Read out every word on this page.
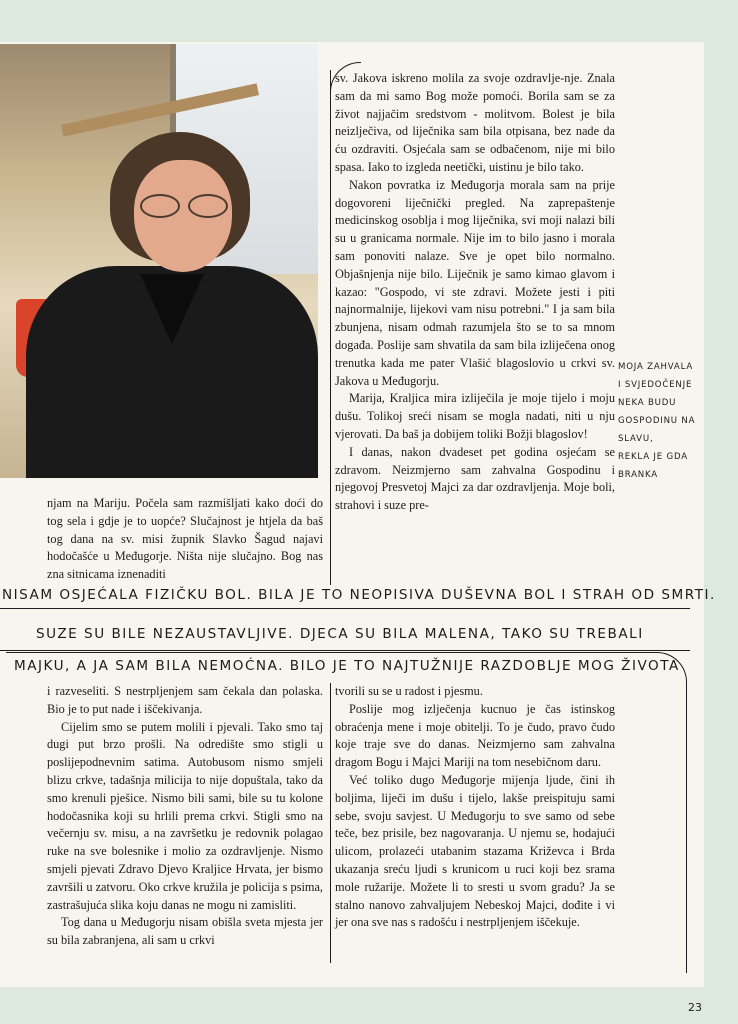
sv. Jakova iskreno molila za svoje ozdravlje-nje. Znala sam da mi samo Bog može pomoći. Borila sam se za život najjačim sredstvom - molitvom. Bolest je bila neizlječiva, od liječnika sam bila otpisana, bez nade da ću ozdraviti. Osjećala sam se odbačenom, nije mi bilo spasa. Iako to izgleda neetički, uistinu je bilo tako.

Nakon povratka iz Međugorja morala sam na prije dogovoreni liječnički pregled. Na zaprepaštenje medicinskog osoblja i mog liječnika, svi moji nalazi bili su u granicama normale. Nije im to bilo jasno i morala sam ponoviti nalaze. Sve je opet bilo normalno. Objašnjenja nije bilo. Liječnik je samo kimao glavom i kazao: "Gospodo, vi ste zdravi. Možete jesti i piti najnormalnije, lijekovi vam nisu potrebni." I ja sam bila zbunjena, nisam odmah razumjela što se to sa mnom događa. Poslije sam shvatila da sam bila izliječena onog trenutka kada me pater Vlašić blagoslovio u crkvi sv. Jakova u Međugorju.

Marija, Kraljica mira izliječila je moje tijelo i moju dušu. Tolikoj sreći nisam se mogla nadati, niti u nju vjerovati. Da baš ja dobijem toliki Božji blagoslov!

I danas, nakon dvadeset pet godina osjećam se zdravom. Neizmjerno sam zahvalna Gospodinu i njegovoj Presvetoj Majci za dar ozdravljenja. Moje boli, strahovi i suze pre-

njam na Mariju. Počela sam razmišljati kako doći do tog sela i gdje je to uopće? Slučajnost je htjela da baš tog dana na sv. misi župnik Slavko Šagud najavi hodočašće u Međugorje. Ništa nije slučajno. Bog nas zna sitnicama iznenaditi

MOJA ZAHVALA
I SVJEDOČENJE
NEKA BUDU
GOSPODINU NA
SLAVU,
REKLA JE GDA
BRANKA
NISAM OSJEĆALA FIZIČKU BOL. BILA JE TO NEOPISIVA DUŠEVNA BOL I STRAH OD SMRTI.
SUZE SU BILE NEZAUSTAVLJIVE. DJECA SU BILA MALENA, TAKO SU TREBALI
MAJKU, A JA SAM BILA NEMOĆNA. BILO JE TO NAJTUŽNIJE RAZDOBLJE MOG ŽIVOTA

i razveseliti. S nestrpljenjem sam čekala dan polaska. Bio je to put nade i iščekivanja.

Cijelim smo se putem molili i pjevali. Tako smo taj dugi put brzo prošli. Na odredište smo stigli u poslijepodnevnim satima. Autobusom nismo smjeli blizu crkve, tadašnja milicija to nije dopuštala, tako da smo krenuli pješice. Nismo bili sami, bile su tu kolone hodočasnika koji su hrlili prema crkvi. Stigli smo na večernju sv. misu, a na završetku je redovnik polagao ruke na sve bolesnike i molio za ozdravljenje. Nismo smjeli pjevati Zdravo Djevo Kraljice Hrvata, jer bismo završili u zatvoru. Oko crkve kružila je policija s psima, zastrašujuća slika koju danas ne mogu ni zamisliti.

Tog dana u Međugorju nisam obišla sveta mjesta jer su bila zabranjena, ali sam u crkvi

tvorili su se u radost i pjesmu.

Poslije mog izlječenja kucnuo je čas istinskog obraćenja mene i moje obitelji. To je čudo, pravo čudo koje traje sve do danas. Neizmjerno sam zahvalna dragom Bogu i Majci Mariji na tom nesebičnom daru.

Već toliko dugo Međugorje mijenja ljude, čini ih boljima, liječi im dušu i tijelo, lakše preispituju sami sebe, svoju savjest. U Međugorju to sve samo od sebe teče, bez prisile, bez nagovaranja. U njemu se, hodajući ulicom, prolazeći utabanim stazama Križevca i Brda ukazanja sreću ljudi s krunicom u ruci koji bez srama mole ružarije. Možete li to sresti u svom gradu? Ja se stalno nanovo zahvaljujem Nebeskoj Majci, dođite i vi jer ona sve nas s radošću i nestrpljenjem iščekuje.

23
